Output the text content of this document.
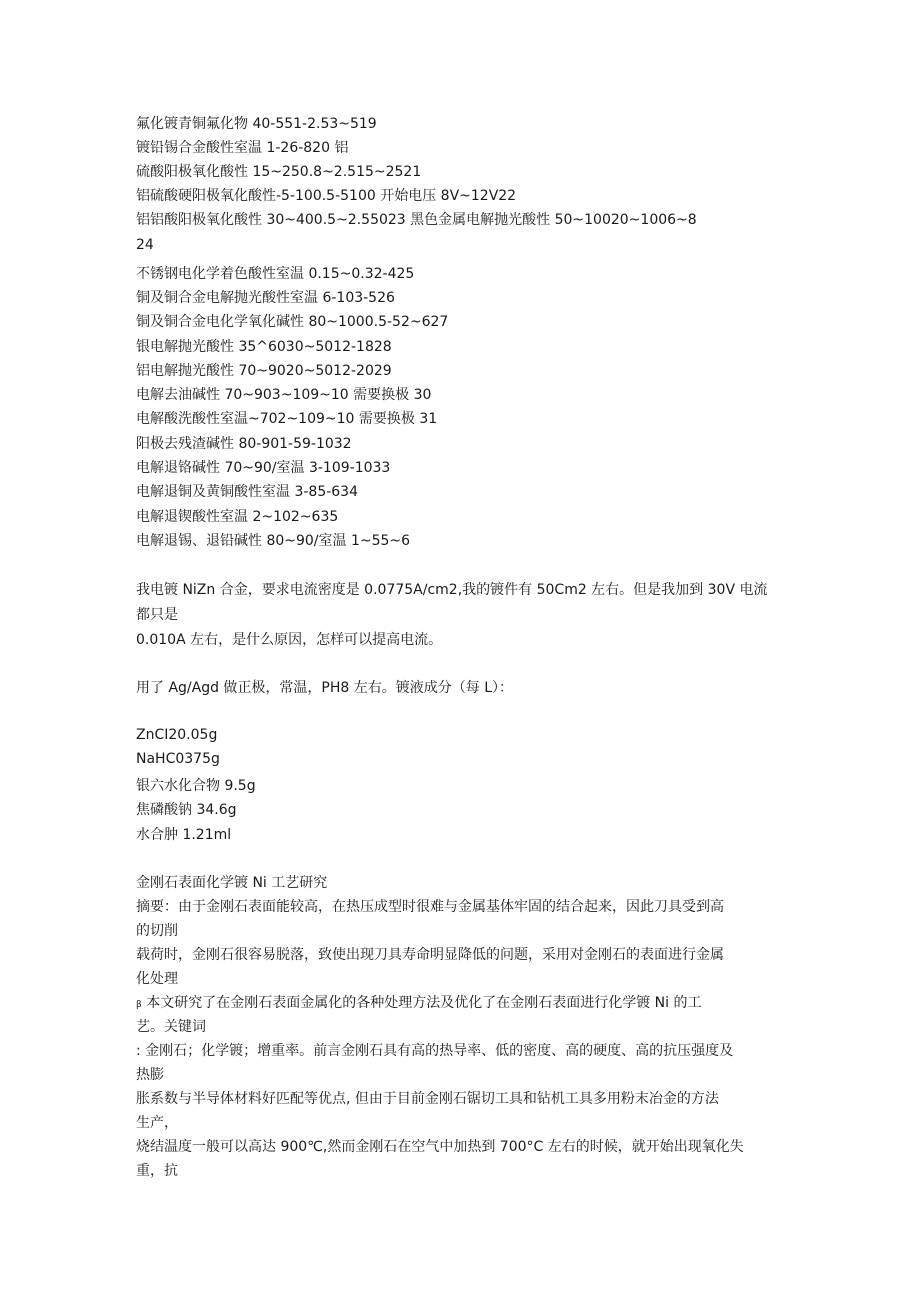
氟化镀青铜氟化物 40-551-2.53~519
镀铅锡合金酸性室温 1-26-820 铝
硫酸阳极氧化酸性 15~250.8~2.515~2521
铝硫酸硬阳极氧化酸性-5-100.5-5100 开始电压 8V~12V22
铝铝酸阳极氧化酸性 30~400.5~2.55023 黑色金属电解抛光酸性 50~10020~1006~8
24
不锈钢电化学着色酸性室温 0.15~0.32-425
铜及铜合金电解抛光酸性室温 6-103-526
铜及铜合金电化学氧化碱性 80~1000.5-52~627
银电解抛光酸性 35^6030~5012-1828
铝电解抛光酸性 70~9020~5012-2029
电解去油碱性 70~903~109~10 需要换极 30
电解酸洗酸性室温~702~109~10 需要换极 31
阳极去残渣碱性 80-901-59-1032
电解退铬碱性 70~90∕室温 3-109-1033
电解退铜及黄铜酸性室温 3-85-634
电解退锲酸性室温 2~102~635
电解退锡、退铅碱性 80~90∕室温 1~55~6
我电镀 NiZn 合金，要求电流密度是 0.0775A∕cm2,我的镀件有 50Cm2 左右。但是我加到 30V 电流
都只是
0.010A 左右，是什么原因，怎样可以提高电流。
用了 Ag/Agd 做正极，常温，PH8 左右。镀液成分（每 L）：
ZnCI20.05g
NaHC0375g
银六水化合物 9.5g
焦磷酸钠 34.6g
水合肿 1.21ml
金刚石表面化学镀 Ni 工艺研究
摘要：由于金刚石表面能较高，在热压成型时很难与金属基体牢固的结合起来，因此刀具受到高
的切削
载荷时，金刚石很容易脱落，致使出现刀具寿命明显降低的问题，采用对金刚石的表面进行金属
化处理
β 本文研究了在金刚石表面金属化的各种处理方法及优化了在金刚石表面进行化学镀 Ni 的工
艺。关键词
: 金刚石；化学镀；增重率。前言金刚石具有高的热导率、低的密度、高的硬度、高的抗压强度及
热膨
胀系数与半导体材料好匹配等优点, 但由于目前金刚石锯切工具和钻机工具多用粉末冶金的方法
生产，
烧结温度一般可以高达 900℃,然而金刚石在空气中加热到 700°C 左右的时候，就开始出现氧化失
重，抗
